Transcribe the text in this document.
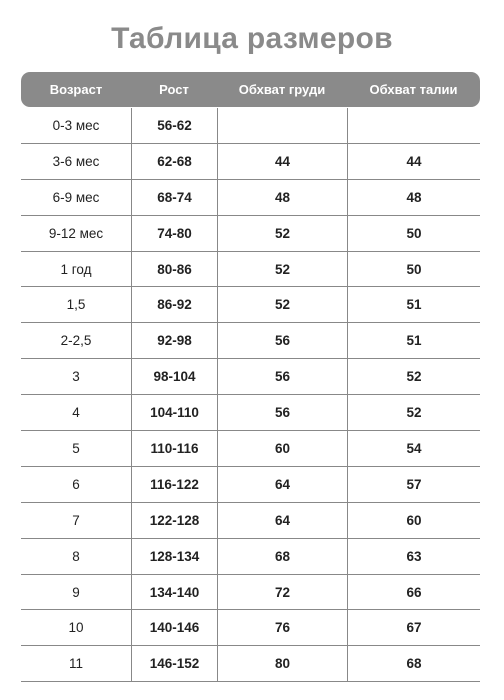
Таблица размеров
Возраст	Рост	Обхват груди	Обхват талии
0-3 мес	56-62
3-6 мес	62-68	44	44
6-9 мес	68-74	48	48
9-12 мес	74-80	52	50
1 год	80-86	52	50
1,5	86-92	52	51
2-2,5	92-98	56	51
3	98-104	56	52
4	104-110	56	52
5	110-116	60	54
6	116-122	64	57
7	122-128	64	60
8	128-134	68	63
9	134-140	72	66
10	140-146	76	67
11	146-152	80	68
